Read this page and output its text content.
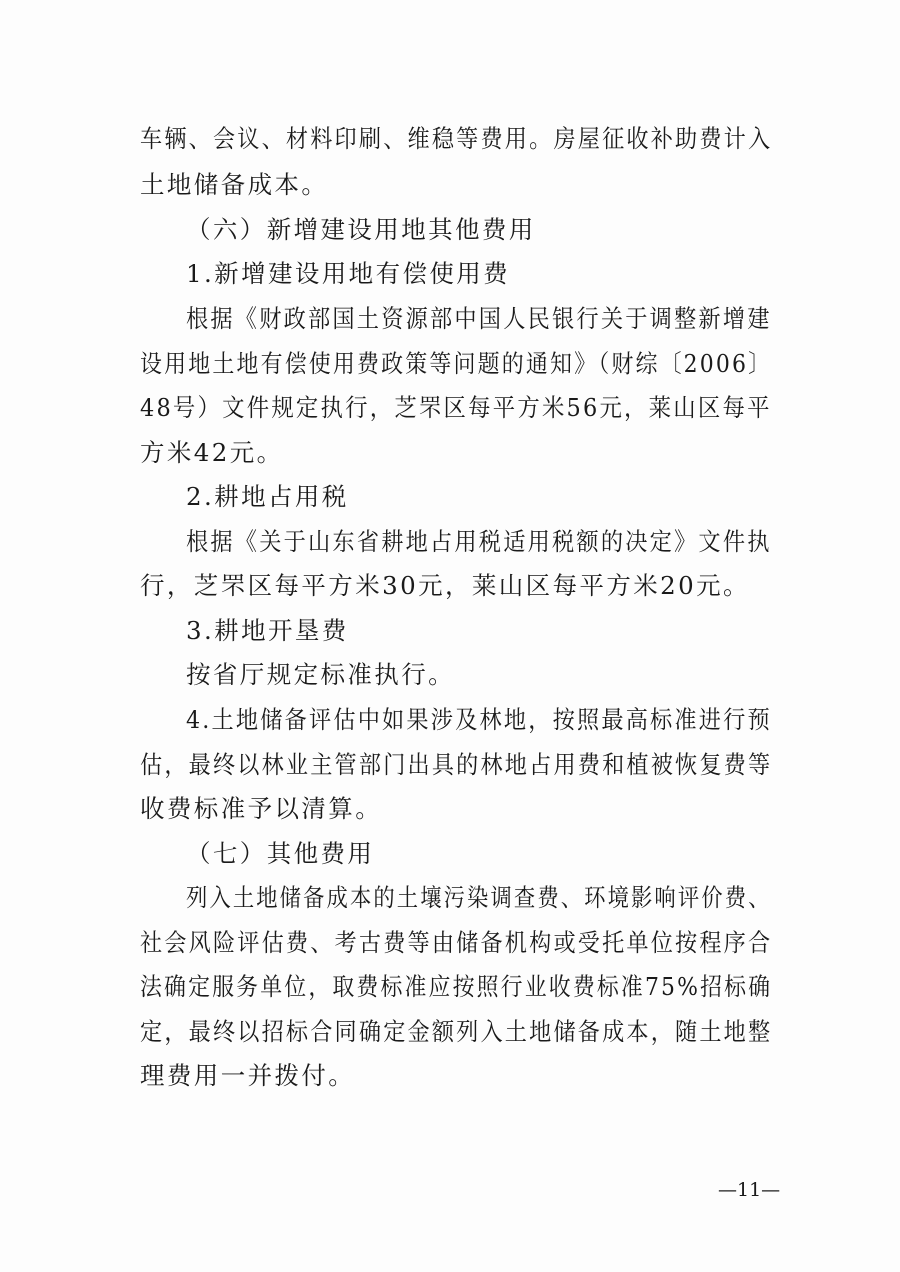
车辆、会议、材料印刷、维稳等费用。房屋征收补助费计入
土地储备成本。
（六）新增建设用地其他费用
1.新增建设用地有偿使用费
根据《财政部国土资源部中国人民银行关于调整新增建
设用地土地有偿使用费政策等问题的通知》（财综〔2006〕
48号）文件规定执行，芝罘区每平方米56元，莱山区每平
方米42元。
2.耕地占用税
根据《关于山东省耕地占用税适用税额的决定》文件执
行，芝罘区每平方米30元，莱山区每平方米20元。
3.耕地开垦费
按省厅规定标准执行。
4.土地储备评估中如果涉及林地，按照最高标准进行预
估，最终以林业主管部门出具的林地占用费和植被恢复费等
收费标准予以清算。
（七）其他费用
列入土地储备成本的土壤污染调查费、环境影响评价费、
社会风险评估费、考古费等由储备机构或受托单位按程序合
法确定服务单位，取费标准应按照行业收费标准75%招标确
定，最终以招标合同确定金额列入土地储备成本，随土地整
理费用一并拨付。
—11—
